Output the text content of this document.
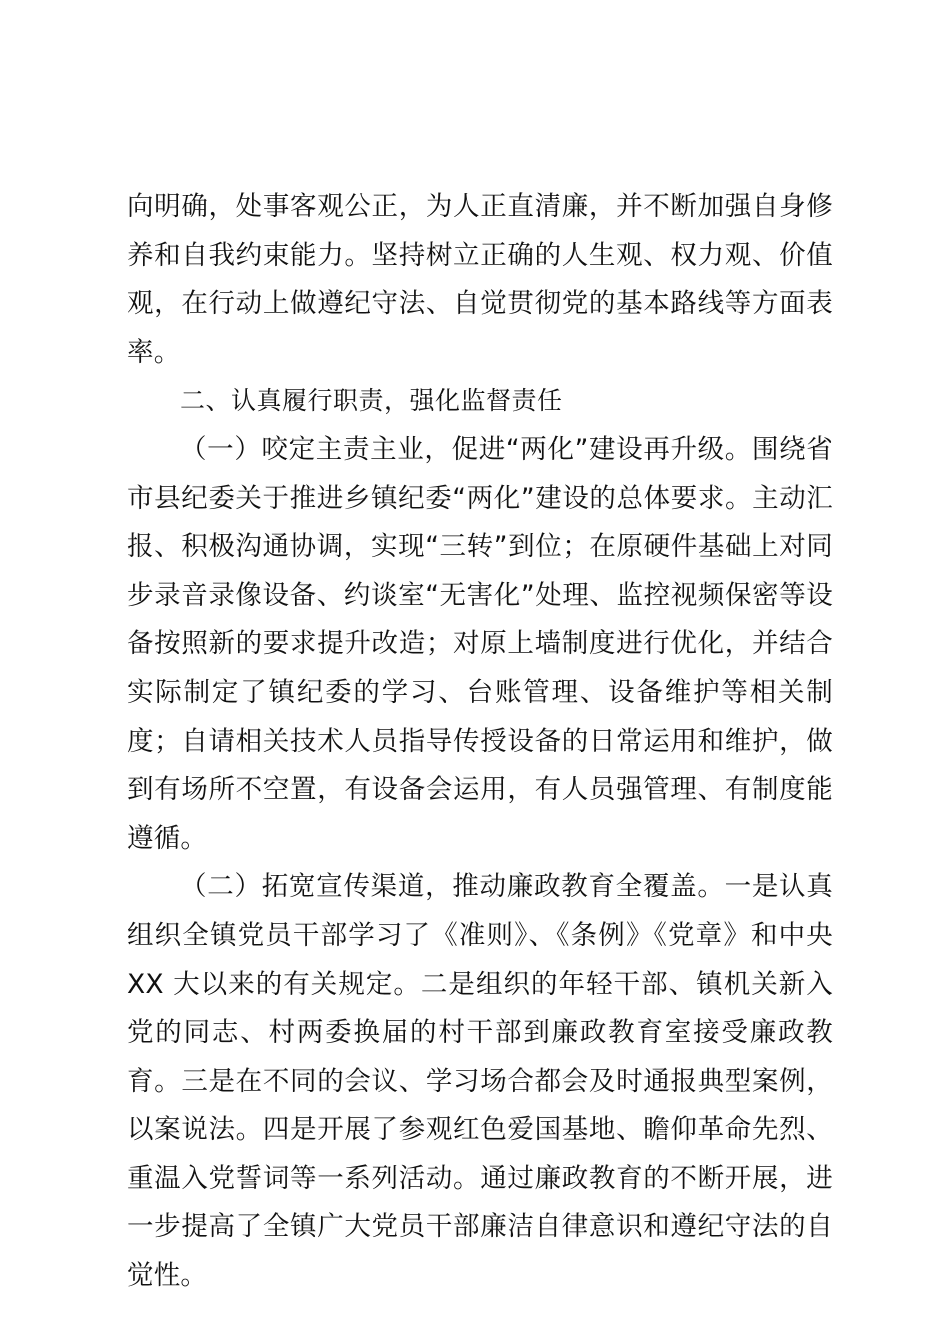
向明确，处事客观公正，为人正直清廉，并不断加强自身修养和自我约束能力。坚持树立正确的人生观、权力观、价值观，在行动上做遵纪守法、自觉贯彻党的基本路线等方面表率。

二、认真履行职责，强化监督责任

（一）咬定主责主业，促进“两化”建设再升级。围绕省市县纪委关于推进乡镇纪委“两化”建设的总体要求。主动汇报、积极沟通协调，实现“三转”到位；在原硬件基础上对同步录音录像设备、约谈室“无害化”处理、监控视频保密等设备按照新的要求提升改造；对原上墙制度进行优化，并结合实际制定了镇纪委的学习、台账管理、设备维护等相关制度；自请相关技术人员指导传授设备的日常运用和维护，做到有场所不空置，有设备会运用，有人员强管理、有制度能遵循。

（二）拓宽宣传渠道，推动廉政教育全覆盖。一是认真组织全镇党员干部学习了《准则》、《条例》《党章》和中央 XX 大以来的有关规定。二是组织的年轻干部、镇机关新入党的同志、村两委换届的村干部到廉政教育室接受廉政教育。三是在不同的会议、学习场合都会及时通报典型案例，以案说法。四是开展了参观红色爱国基地、瞻仰革命先烈、重温入党誓词等一系列活动。通过廉政教育的不断开展，进一步提高了全镇广大党员干部廉洁自律意识和遵纪守法的自觉性。
